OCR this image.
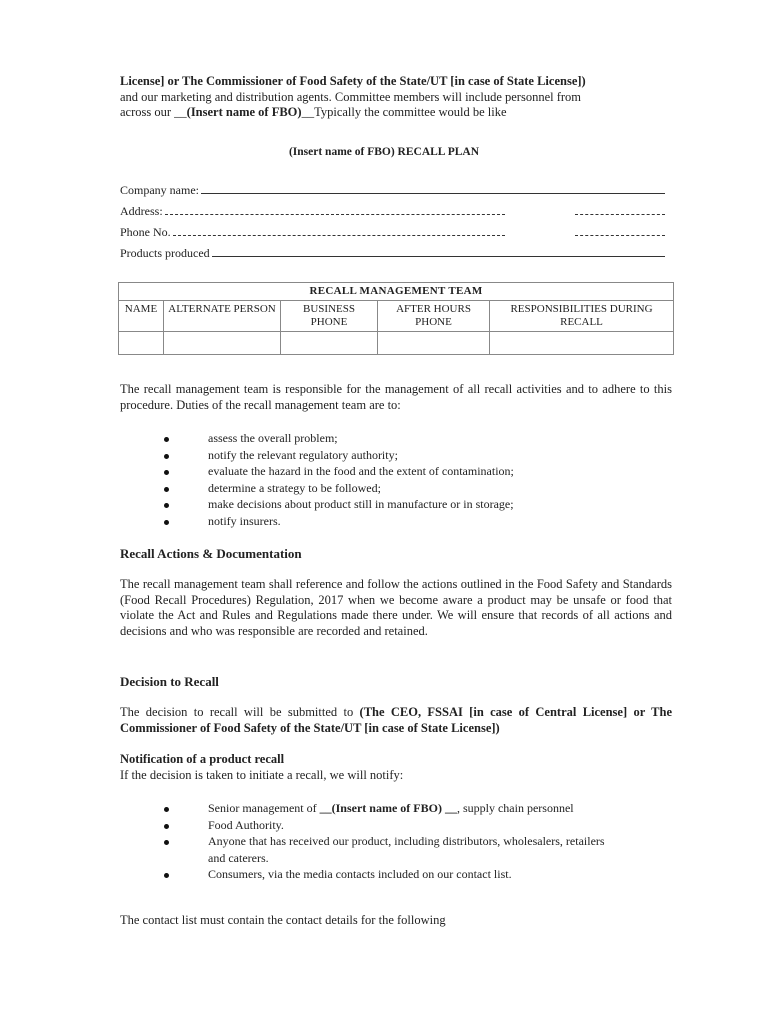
License] or The Commissioner of Food Safety of the State/UT [in case of State License])
and our marketing and distribution agents. Committee members will include personnel from
across our __(Insert name of FBO)__Typically the committee would be like
(Insert name of FBO) RECALL PLAN
Company name:
Address:
Phone No.
Products produced
RECALL MANAGEMENT TEAM				
NAME	ALTERNATE PERSON	BUSINESS PHONE	AFTER HOURS PHONE	RESPONSIBILITIES DURING RECALL

The recall management team is responsible for the management of all recall activities and to adhere to this procedure. Duties of the recall management team are to:
assess the overall problem;
notify the relevant regulatory authority;
evaluate the hazard in the food and the extent of contamination;
determine a strategy to be followed;
make decisions about product still in manufacture or in storage;
notify insurers.
Recall Actions & Documentation
The recall management team shall reference and follow the actions outlined in the Food Safety and Standards (Food Recall Procedures) Regulation, 2017 when we become aware a product may be unsafe or food that violate the Act and Rules and Regulations made there under. We will ensure that records of all actions and decisions and who was responsible are recorded and retained.
Decision to Recall
The decision to recall will be submitted to (The CEO, FSSAI [in case of Central License] or The Commissioner of Food Safety of the State/UT [in case of State License])
Notification of a product recall
If the decision is taken to initiate a recall, we will notify:
Senior management of __(Insert name of FBO) __, supply chain personnel
Food Authority.
Anyone that has received our product, including distributors, wholesalers, retailers and caterers.
Consumers, via the media contacts included on our contact list.
The contact list must contain the contact details for the following
